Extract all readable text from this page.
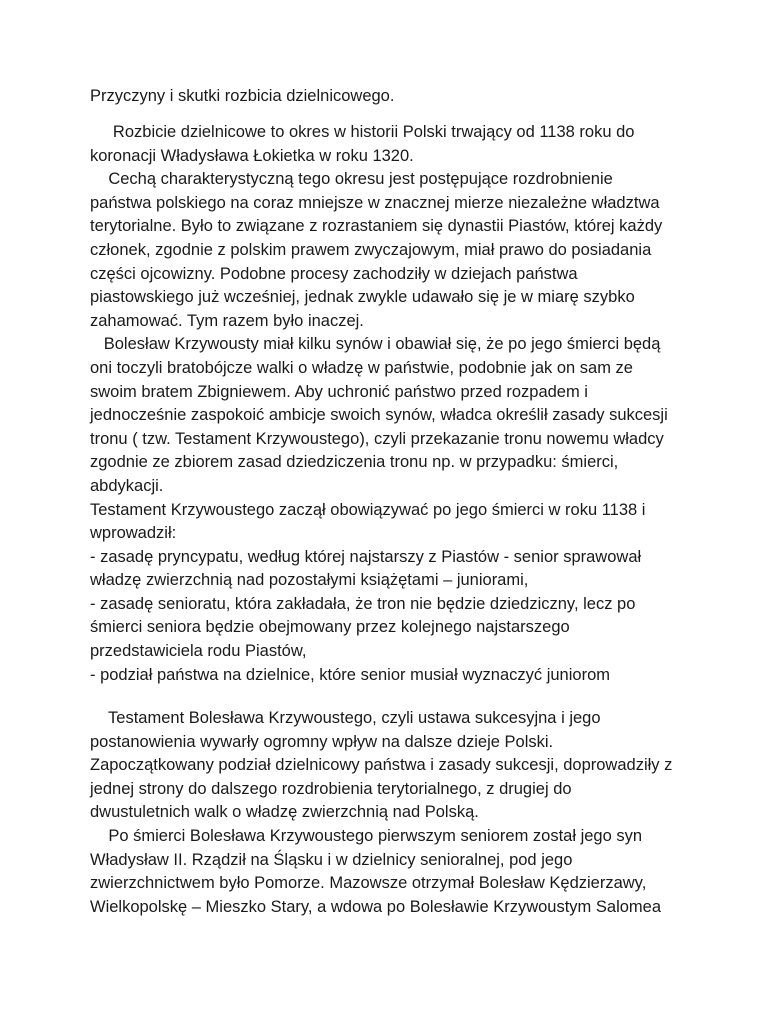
Przyczyny i skutki rozbicia dzielnicowego.
Rozbicie dzielnicowe to okres w historii Polski trwający od 1138 roku do
koronacji Władysława Łokietka w roku 1320.
Cechą charakterystyczną tego okresu jest postępujące rozdrobnienie
państwa polskiego na coraz mniejsze w znacznej mierze niezależne władztwa
terytorialne. Było to związane z rozrastaniem się dynastii Piastów, której każdy
członek, zgodnie z polskim prawem zwyczajowym, miał prawo do posiadania
części ojcowizny. Podobne procesy zachodziły w dziejach państwa
piastowskiego już wcześniej, jednak zwykle udawało się je w miarę szybko
zahamować. Tym razem było inaczej.
Bolesław Krzywousty miał kilku synów i obawiał się, że po jego śmierci będą
oni toczyli bratobójcze walki o władzę w państwie, podobnie jak on sam ze
swoim bratem Zbigniewem. Aby uchronić państwo przed rozpadem i
jednocześnie zaspokoić ambicje swoich synów, władca określił zasady sukcesji
tronu ( tzw. Testament Krzywoustego), czyli przekazanie tronu nowemu władcy
zgodnie ze zbiorem zasad dziedziczenia tronu np. w przypadku: śmierci,
abdykacji.
Testament Krzywoustego zaczął obowiązywać po jego śmierci w roku 1138 i
wprowadził:
- zasadę pryncypatu, według której najstarszy z Piastów - senior sprawował
władzę zwierzchnią nad pozostałymi książętami – juniorami,
- zasadę senioratu, która zakładała, że tron nie będzie dziedziczny, lecz po
śmierci seniora będzie obejmowany przez kolejnego najstarszego
przedstawiciela rodu Piastów,
- podział państwa na dzielnice, które senior musiał wyznaczyć juniorom
Testament Bolesława Krzywoustego, czyli ustawa sukcesyjna i jego
postanowienia wywarły ogromny wpływ na dalsze dzieje Polski.
Zapoczątkowany podział dzielnicowy państwa i zasady sukcesji, doprowadziły z
jednej strony do dalszego rozdrobienia terytorialnego, z drugiej do
dwustuletnich walk o władzę zwierzchnią nad Polską.
Po śmierci Bolesława Krzywoustego pierwszym seniorem został jego syn
Władysław II. Rządził na Śląsku i w dzielnicy senioralnej, pod jego
zwierzchnictwem było Pomorze. Mazowsze otrzymał Bolesław Kędzierzawy,
Wielkopolskę – Mieszko Stary, a wdowa po Bolesławie Krzywoustym Salomea
